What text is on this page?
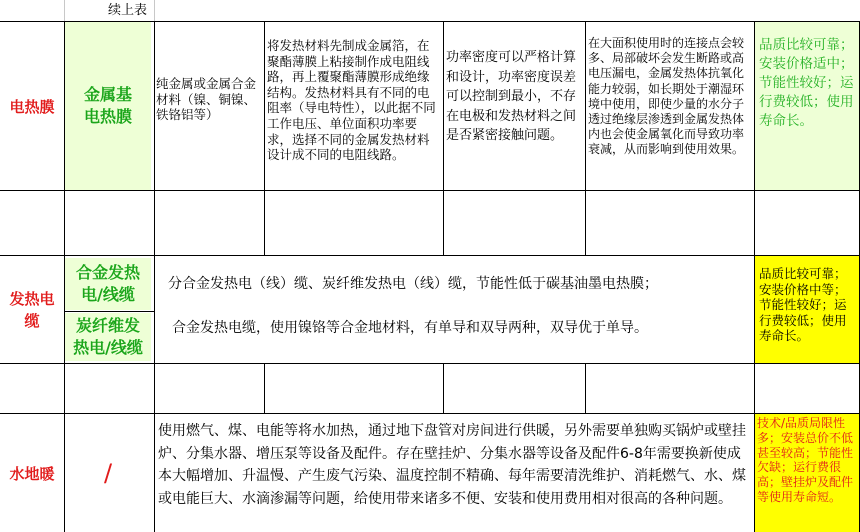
续上表
电热膜
金属基电热膜
纯金属或金属合金材料（镍、铜镍、铁铬铝等）
将发热材料先制成金属箔，在聚酯薄膜上粘接制作成电阻线路，再上覆聚酯薄膜形成绝缘结构。发热材料具有不同的电阻率（导电特性），以此据不同工作电压、单位面积功率要求，选择不同的金属发热材料设计成不同的电阻线路。
功率密度可以严格计算和设计，功率密度误差可以控制到最小，不存在电极和发热材料之间是否紧密接触问题。
在大面积使用时的连接点会较多、局部破坏会发生断路或高电压漏电，金属发热体抗氧化能力较弱，如长期处于潮湿环境中使用，即使少量的水分子透过绝缘层渗透到金属发热体内也会使金属氧化而导致功率衰减，从而影响到使用效果。
品质比较可靠；安装价格适中；节能性较好；运行费较低；使用寿命长。
发热电缆
合金发热电/线缆
炭纤维发热电/线缆
分合金发热电（线）缆、炭纤维发热电（线）缆，节能性低于碳基油墨电热膜；
合金发热电缆，使用镍铬等合金地材料，有单导和双导两种，双导优于单导。
品质比较可靠；安装价格中等；节能性较好；运行费较低；使用寿命长。
水地暖	/
使用燃气、煤、电能等将水加热，通过地下盘管对房间进行供暖，另外需要单独购买锅炉或壁挂炉、分集水器、增压泵等设备及配件。存在壁挂炉、分集水器等设备及配件6-8年需要换新使成本大幅增加、升温慢、产生废气污染、温度控制不精确、每年需要清洗维护、消耗燃气、水、煤或电能巨大、水滴渗漏等问题，给使用带来诸多不便、安装和使用费用相对很高的各种问题。
技术/品质局限性多；安装总价不低甚至较高；节能性欠缺；运行费很高；壁挂炉及配件等使用寿命短。
